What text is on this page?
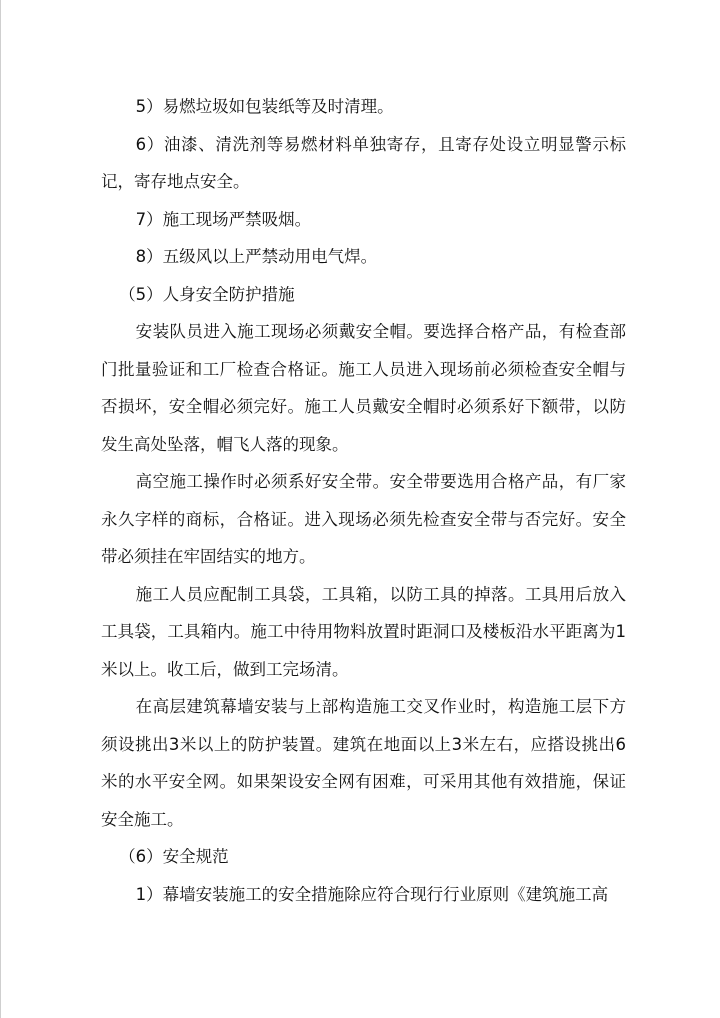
5）易燃垃圾如包装纸等及时清理。

6）油漆、清洗剂等易燃材料单独寄存，且寄存处设立明显警示标记，寄存地点安全。

7）施工现场严禁吸烟。

8）五级风以上严禁动用电气焊。

（5）人身安全防护措施

安装队员进入施工现场必须戴安全帽。要选择合格产品，有检查部门批量验证和工厂检查合格证。施工人员进入现场前必须检查安全帽与否损坏，安全帽必须完好。施工人员戴安全帽时必须系好下额带，以防发生高处坠落，帽飞人落的现象。

高空施工操作时必须系好安全带。安全带要选用合格产品，有厂家永久字样的商标，合格证。进入现场必须先检查安全带与否完好。安全带必须挂在牢固结实的地方。

施工人员应配制工具袋，工具箱，以防工具的掉落。工具用后放入工具袋，工具箱内。施工中待用物料放置时距洞口及楼板沿水平距离为1米以上。收工后，做到工完场清。

在高层建筑幕墙安装与上部构造施工交叉作业时，构造施工层下方须设挑出3米以上的防护装置。建筑在地面以上3米左右，应搭设挑出6米的水平安全网。如果架设安全网有困难，可采用其他有效措施，保证安全施工。

（6）安全规范

1）幕墙安装施工的安全措施除应符合现行行业原则《建筑施工高
